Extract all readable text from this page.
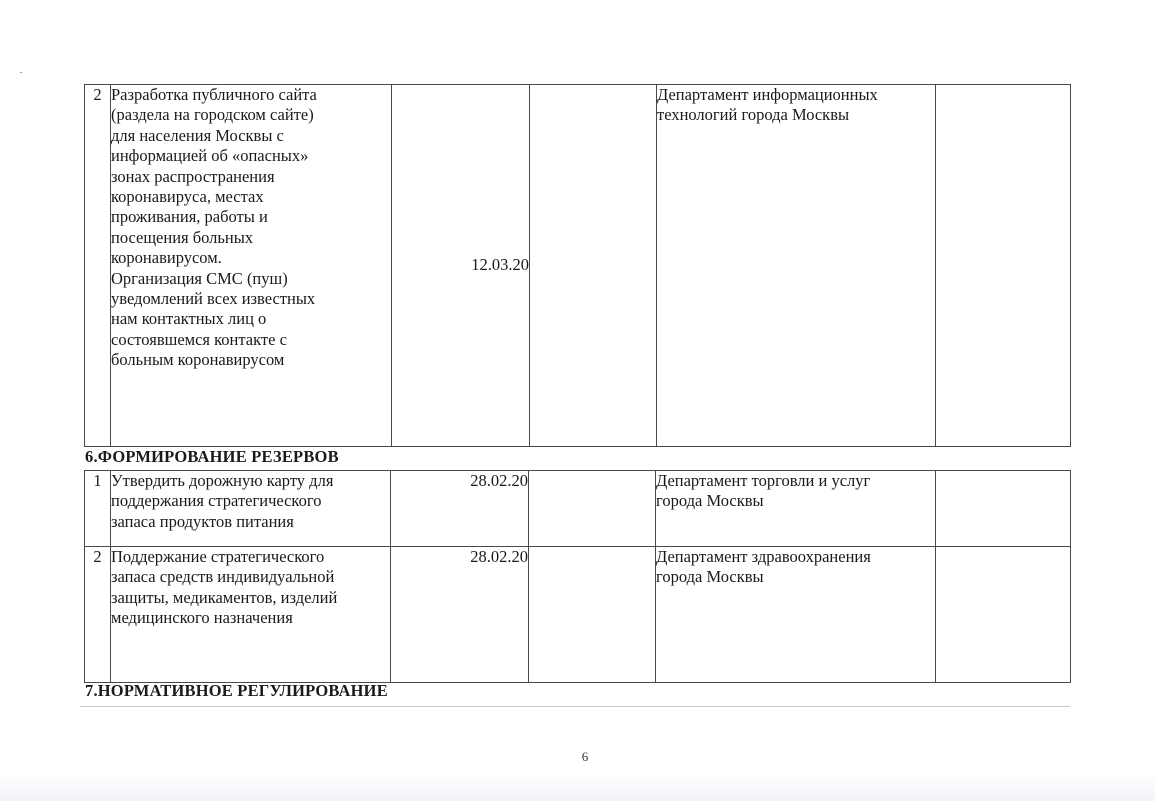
2	Разработка публичного сайта
(раздела на городском сайте)
для населения Москвы с
информацией об «опасных»
зонах распространения
коронавируса, местах
проживания, работы и
посещения больных
коронавирусом.
Организация СМС (пуш)
уведомлений всех известных
нам контактных лиц о
состоявшемся контакте с
больным коронавирусом	12.03.20		Департамент информационных
технологий города Москвы	
6.ФОРМИРОВАНИЕ РЕЗЕРВОВ
1	Утвердить дорожную карту для
поддержания стратегического
запаса продуктов питания	28.02.20		Департамент торговли и услуг
города Москвы	
2	Поддержание стратегического
запаса средств индивидуальной
защиты, медикаментов, изделий
медицинского назначения	28.02.20		Департамент здравоохранения
города Москвы	
7.НОРМАТИВНОЕ РЕГУЛИРОВАНИЕ
6
